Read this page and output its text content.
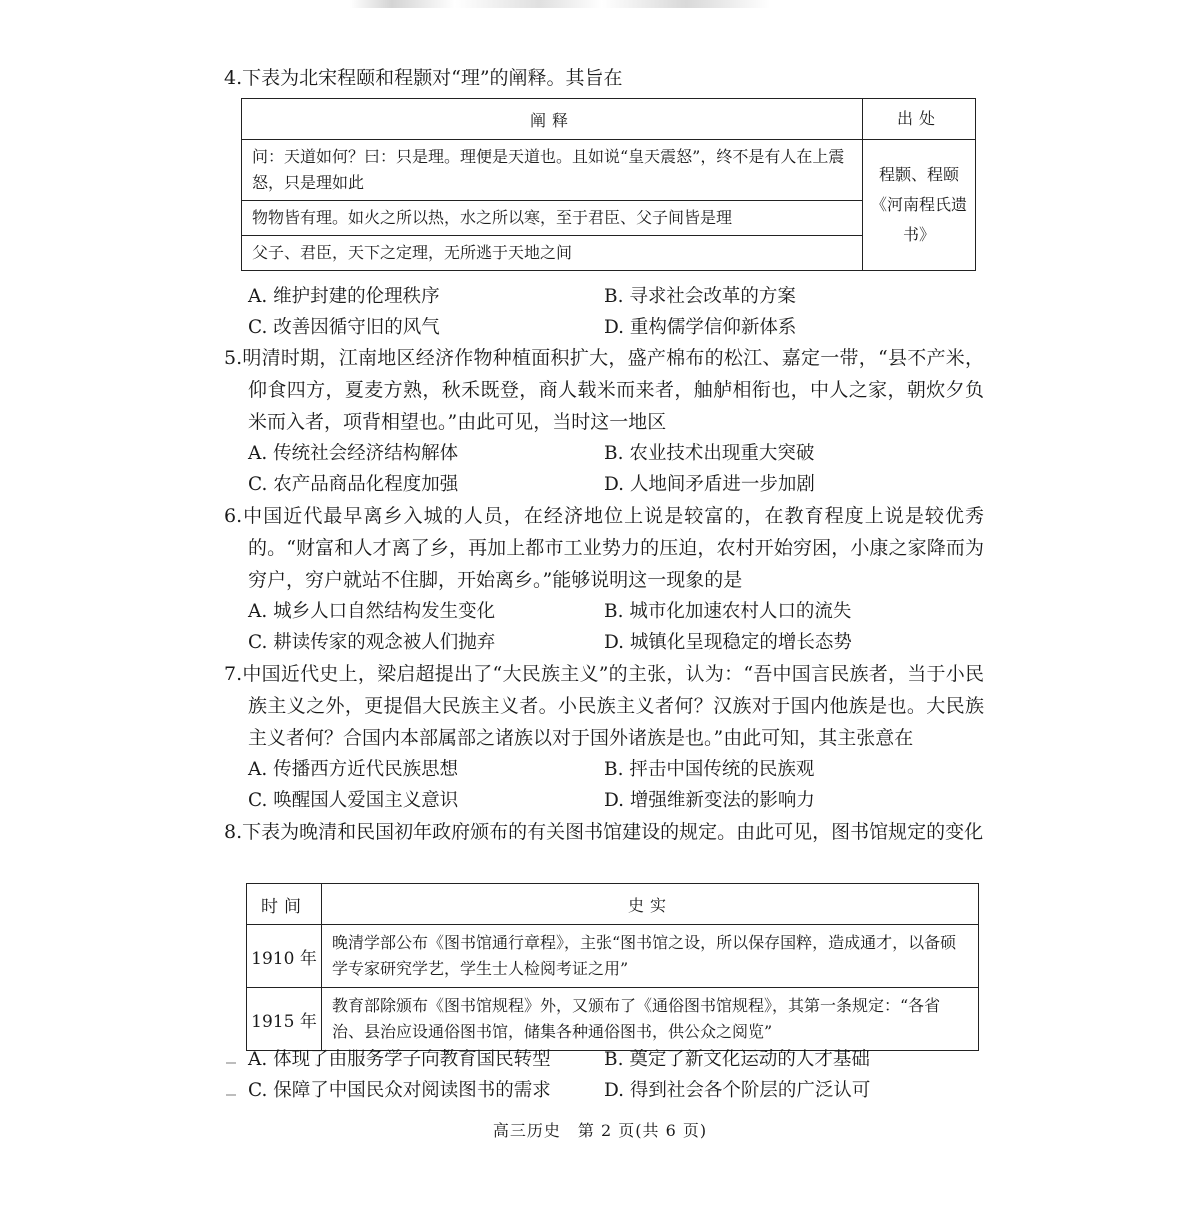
4.下表为北宋程颐和程颢对“理”的阐释。其旨在

阐释	出处
问：天道如何？曰：只是理。理便是天道也。且如说“皇天震怒”，终不是有人在上震怒，只是理如此	程颢、程颐《河南程氏遗书》
物物皆有理。如火之所以热，水之所以寒，至于君臣、父子间皆是理	
父子、君臣，天下之定理，无所逃于天地之间	
A. 维护封建的伦理秩序	B. 寻求社会改革的方案
C. 改善因循守旧的风气	D. 重构儒学信仰新体系

5.明清时期，江南地区经济作物种植面积扩大，盛产棉布的松江、嘉定一带，“县不产米，仰食四方，夏麦方熟，秋禾既登，商人载米而来者，舳舻相衔也，中人之家，朝炊夕负米而入者，项背相望也。”由此可见，当时这一地区

A. 传统社会经济结构解体	B. 农业技术出现重大突破
C. 农产品商品化程度加强	D. 人地间矛盾进一步加剧

6.中国近代最早离乡入城的人员，在经济地位上说是较富的，在教育程度上说是较优秀的。“财富和人才离了乡，再加上都市工业势力的压迫，农村开始穷困，小康之家降而为穷户，穷户就站不住脚，开始离乡。”能够说明这一现象的是

A. 城乡人口自然结构发生变化	B. 城市化加速农村人口的流失
C. 耕读传家的观念被人们抛弃	D. 城镇化呈现稳定的增长态势

7.中国近代史上，梁启超提出了“大民族主义”的主张，认为：“吾中国言民族者，当于小民族主义之外，更提倡大民族主义者。小民族主义者何？汉族对于国内他族是也。大民族主义者何？合国内本部属部之诸族以对于国外诸族是也。”由此可知，其主张意在

A. 传播西方近代民族思想	B. 抨击中国传统的民族观
C. 唤醒国人爱国主义意识	D. 增强维新变法的影响力

8.下表为晚清和民国初年政府颁布的有关图书馆建设的规定。由此可见，图书馆规定的变化

时间	史实
1910 年	晚清学部公布《图书馆通行章程》，主张“图书馆之设，所以保存国粹，造成通才，以备硕学专家研究学艺，学生士人检阅考证之用”
1915 年	教育部除颁布《图书馆规程》外，又颁布了《通俗图书馆规程》，其第一条规定：“各省治、县治应设通俗图书馆，储集各种通俗图书，供公众之阅览”
A. 体现了由服务学子向教育国民转型	B. 奠定了新文化运动的人才基础
C. 保障了中国民众对阅读图书的需求	D. 得到社会各个阶层的广泛认可
高三历史　第 2 页(共 6 页)
